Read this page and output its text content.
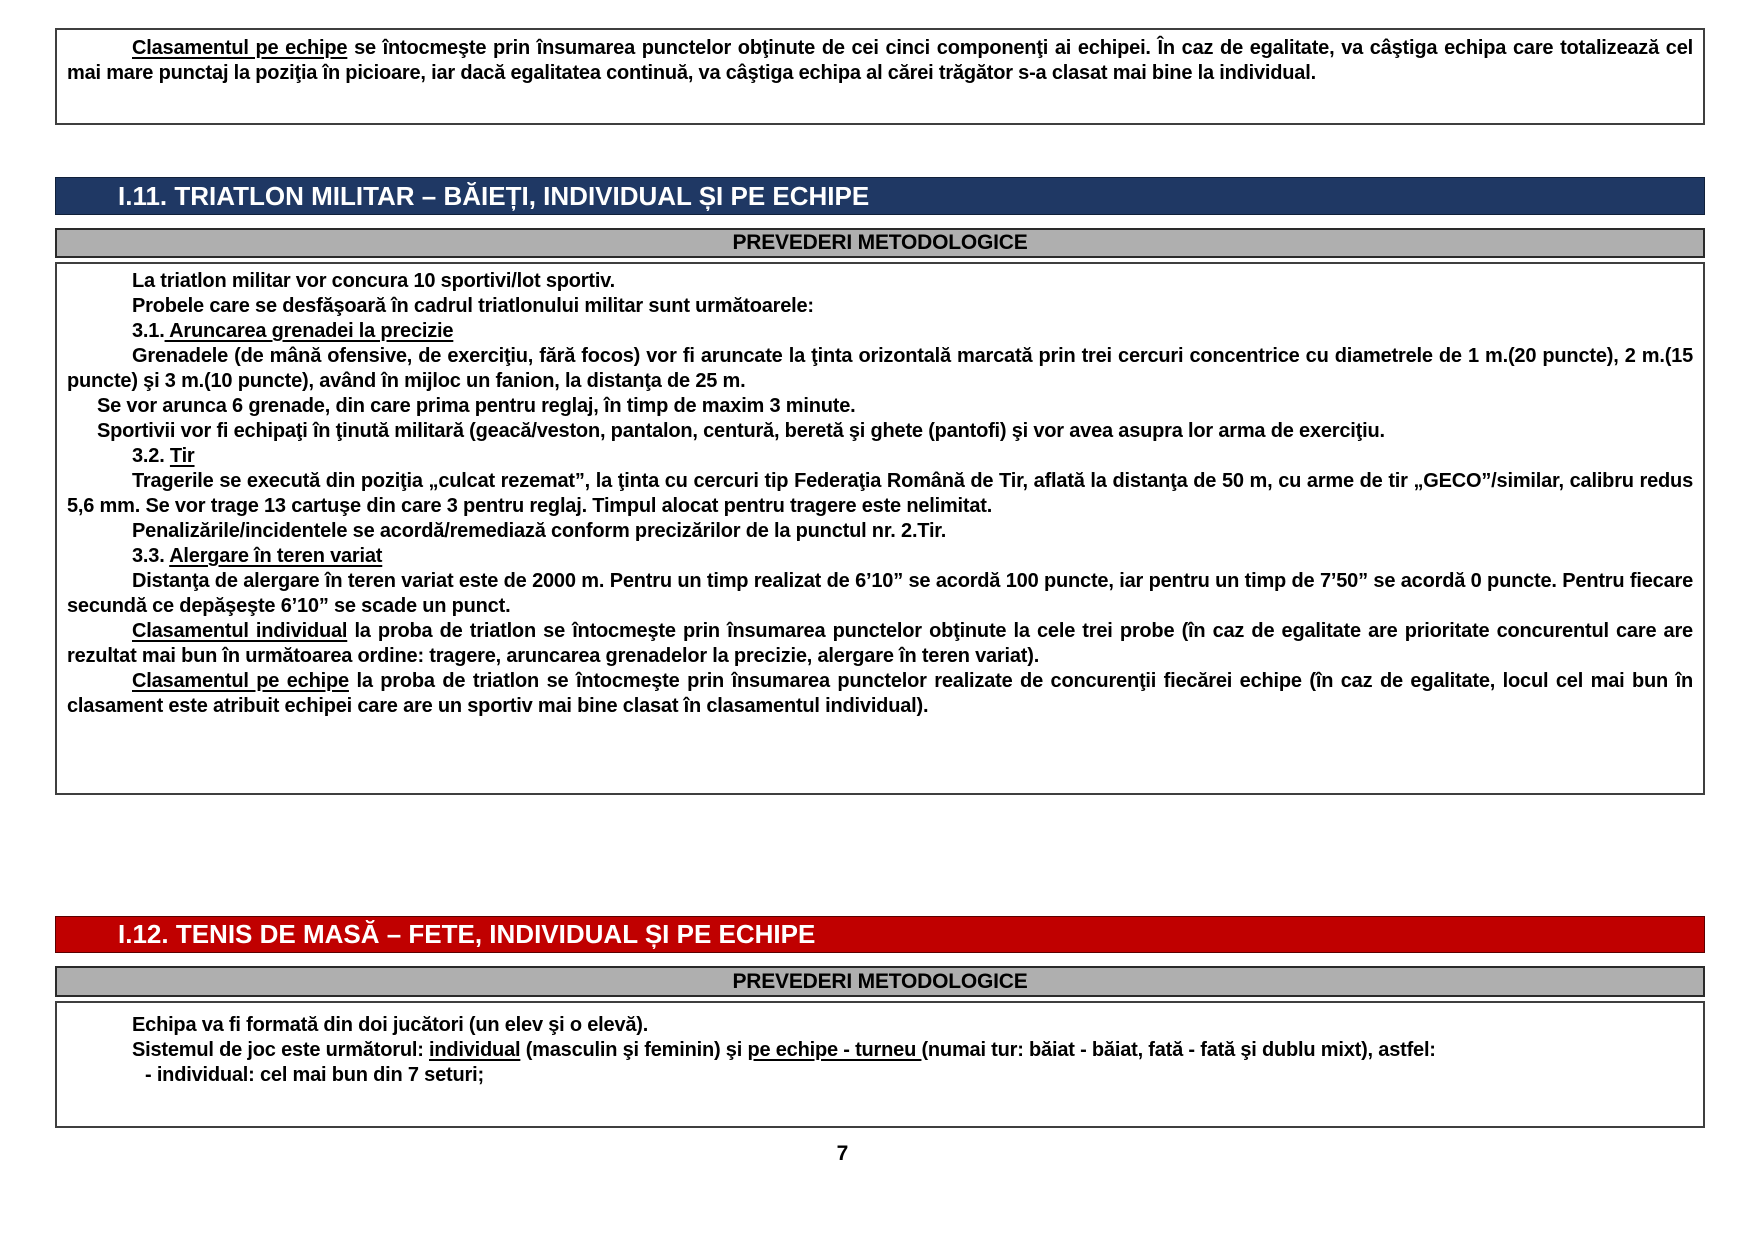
Clasamentul pe echipe se întocmeşte prin însumarea punctelor obţinute de cei cinci componenţi ai echipei. În caz de egalitate, va câştiga echipa care totalizează cel mai mare punctaj la poziţia în picioare, iar dacă egalitatea continuă, va câştiga echipa al cărei trăgător s-a clasat mai bine la individual.

I.11. TRIATLON MILITAR – BĂIEȚI, INDIVIDUAL ȘI PE ECHIPE
PREVEDERI METODOLOGICE

La triatlon militar vor concura 10 sportivi/lot sportiv.

Probele care se desfăşoară în cadrul triatlonului militar sunt următoarele:

3.1. Aruncarea grenadei la precizie

Grenadele (de mână ofensive, de exerciţiu, fără focos) vor fi aruncate la ţinta orizontală marcată prin trei cercuri concentrice cu diametrele de 1 m.(20 puncte), 2 m.(15 puncte) şi 3 m.(10 puncte), având în mijloc un fanion, la distanţa de 25 m.

Se vor arunca 6 grenade, din care prima pentru reglaj, în timp de maxim 3 minute.

Sportivii vor fi echipaţi în ţinută militară (geacă/veston, pantalon, centură, beretă şi ghete (pantofi) şi vor avea asupra lor arma de exerciţiu.

3.2. Tir

Tragerile se execută din poziţia „culcat rezemat”, la ţinta cu cercuri tip Federaţia Română de Tir, aflată la distanţa de 50 m, cu arme de tir „GECO”/similar, calibru redus 5,6 mm. Se vor trage 13 cartuşe din care 3 pentru reglaj. Timpul alocat pentru tragere este nelimitat.

Penalizările/incidentele se acordă/remediază conform precizărilor de la punctul nr. 2.Tir.

3.3. Alergare în teren variat

Distanţa de alergare în teren variat este de 2000 m. Pentru un timp realizat de 6’10” se acordă 100 puncte, iar pentru un timp de 7’50” se acordă 0 puncte. Pentru fiecare secundă ce depăşeşte 6’10” se scade un punct.

Clasamentul individual la proba de triatlon se întocmeşte prin însumarea punctelor obţinute la cele trei probe (în caz de egalitate are prioritate concurentul care are rezultat mai bun în următoarea ordine: tragere, aruncarea grenadelor la precizie, alergare în teren variat).

Clasamentul pe echipe la proba de triatlon se întocmeşte prin însumarea punctelor realizate de concurenţii fiecărei echipe (în caz de egalitate, locul cel mai bun în clasament este atribuit echipei care are un sportiv mai bine clasat în clasamentul individual).

I.12. TENIS DE MASĂ – FETE, INDIVIDUAL ȘI PE ECHIPE
PREVEDERI METODOLOGICE

Echipa va fi formată din doi jucători (un elev şi o elevă).

Sistemul de joc este următorul: individual (masculin şi feminin) şi pe echipe - turneu (numai tur: băiat - băiat, fată - fată şi dublu mixt), astfel:

- individual: cel mai bun din 7 seturi;

7
